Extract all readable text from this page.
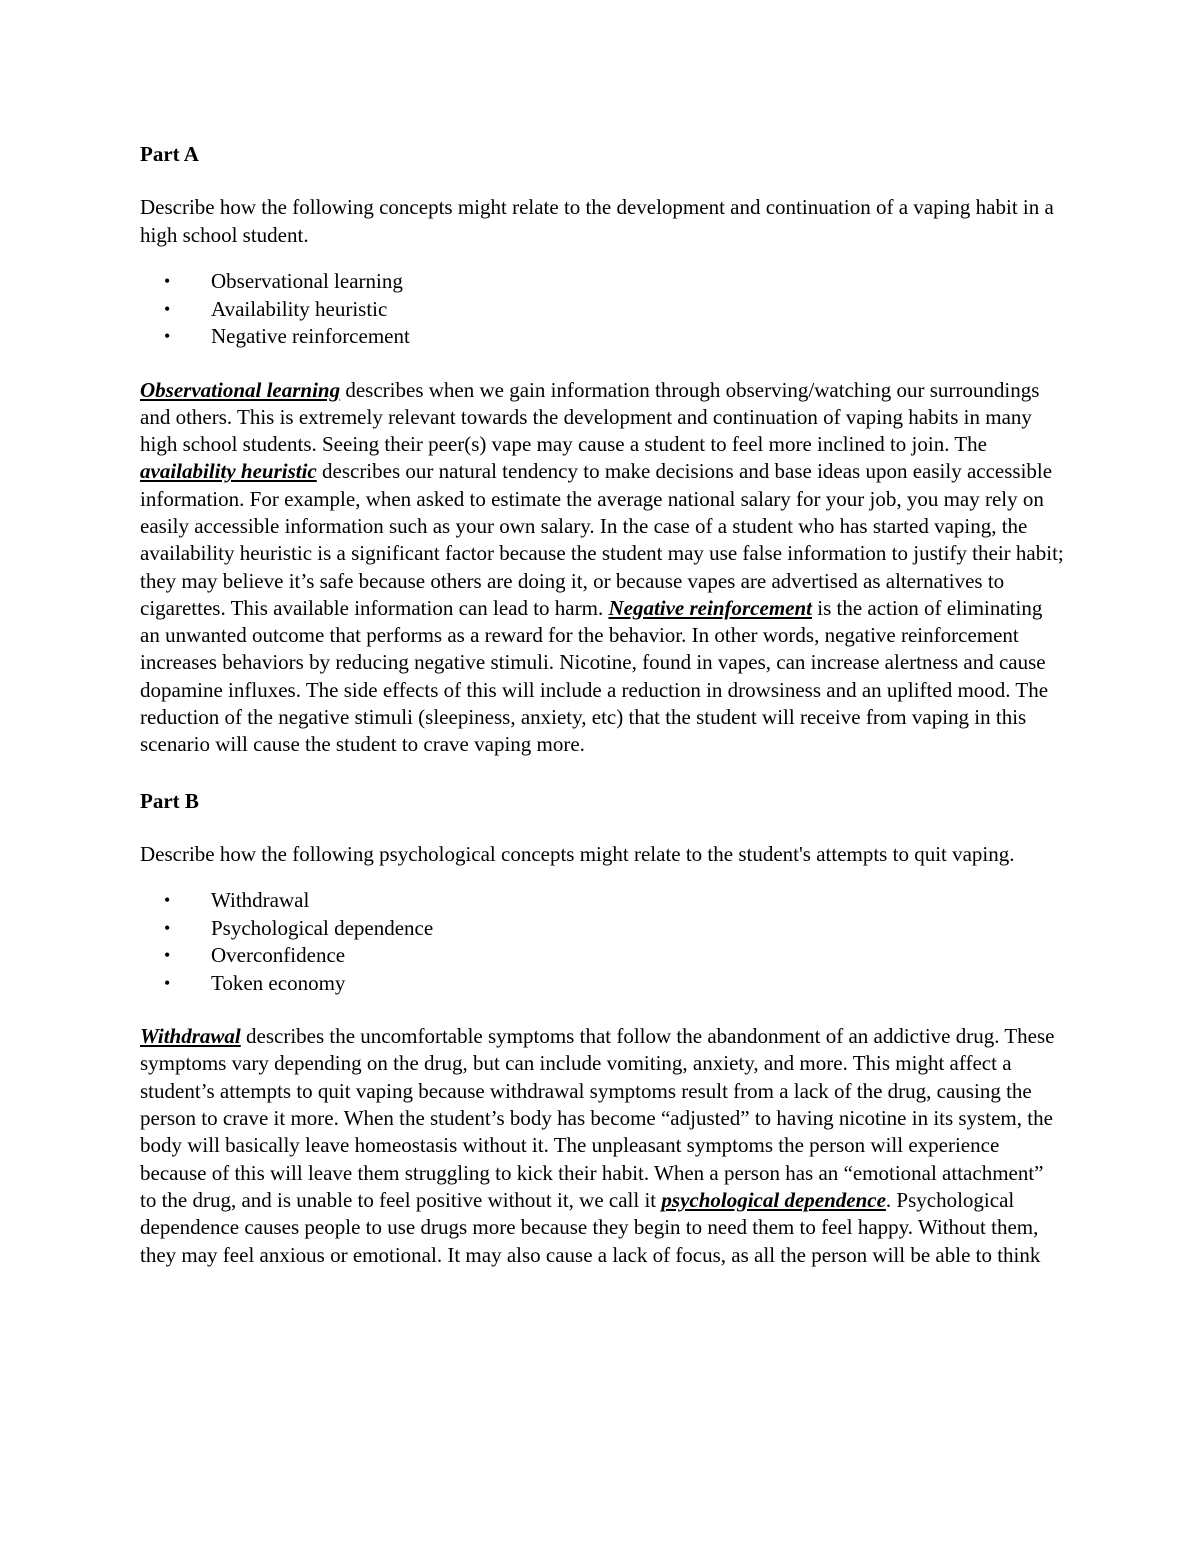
Part A
Describe how the following concepts might relate to the development and continuation of a vaping habit in a high school student.
• Observational learning
• Availability heuristic
• Negative reinforcement
Observational learning describes when we gain information through observing/watching our surroundings and others. This is extremely relevant towards the development and continuation of vaping habits in many high school students. Seeing their peer(s) vape may cause a student to feel more inclined to join. The availability heuristic describes our natural tendency to make decisions and base ideas upon easily accessible information. For example, when asked to estimate the average national salary for your job, you may rely on easily accessible information such as your own salary. In the case of a student who has started vaping, the availability heuristic is a significant factor because the student may use false information to justify their habit; they may believe it’s safe because others are doing it, or because vapes are advertised as alternatives to cigarettes. This available information can lead to harm. Negative reinforcement is the action of eliminating an unwanted outcome that performs as a reward for the behavior. In other words, negative reinforcement increases behaviors by reducing negative stimuli. Nicotine, found in vapes, can increase alertness and cause dopamine influxes. The side effects of this will include a reduction in drowsiness and an uplifted mood. The reduction of the negative stimuli (sleepiness, anxiety, etc) that the student will receive from vaping in this scenario will cause the student to crave vaping more.
Part B
Describe how the following psychological concepts might relate to the student's attempts to quit vaping.
• Withdrawal
• Psychological dependence
• Overconfidence
• Token economy
Withdrawal describes the uncomfortable symptoms that follow the abandonment of an addictive drug. These symptoms vary depending on the drug, but can include vomiting, anxiety, and more. This might affect a student’s attempts to quit vaping because withdrawal symptoms result from a lack of the drug, causing the person to crave it more. When the student’s body has become “adjusted” to having nicotine in its system, the body will basically leave homeostasis without it. The unpleasant symptoms the person will experience because of this will leave them struggling to kick their habit. When a person has an “emotional attachment” to the drug, and is unable to feel positive without it, we call it psychological dependence. Psychological dependence causes people to use drugs more because they begin to need them to feel happy. Without them, they may feel anxious or emotional. It may also cause a lack of focus, as all the person will be able to think
